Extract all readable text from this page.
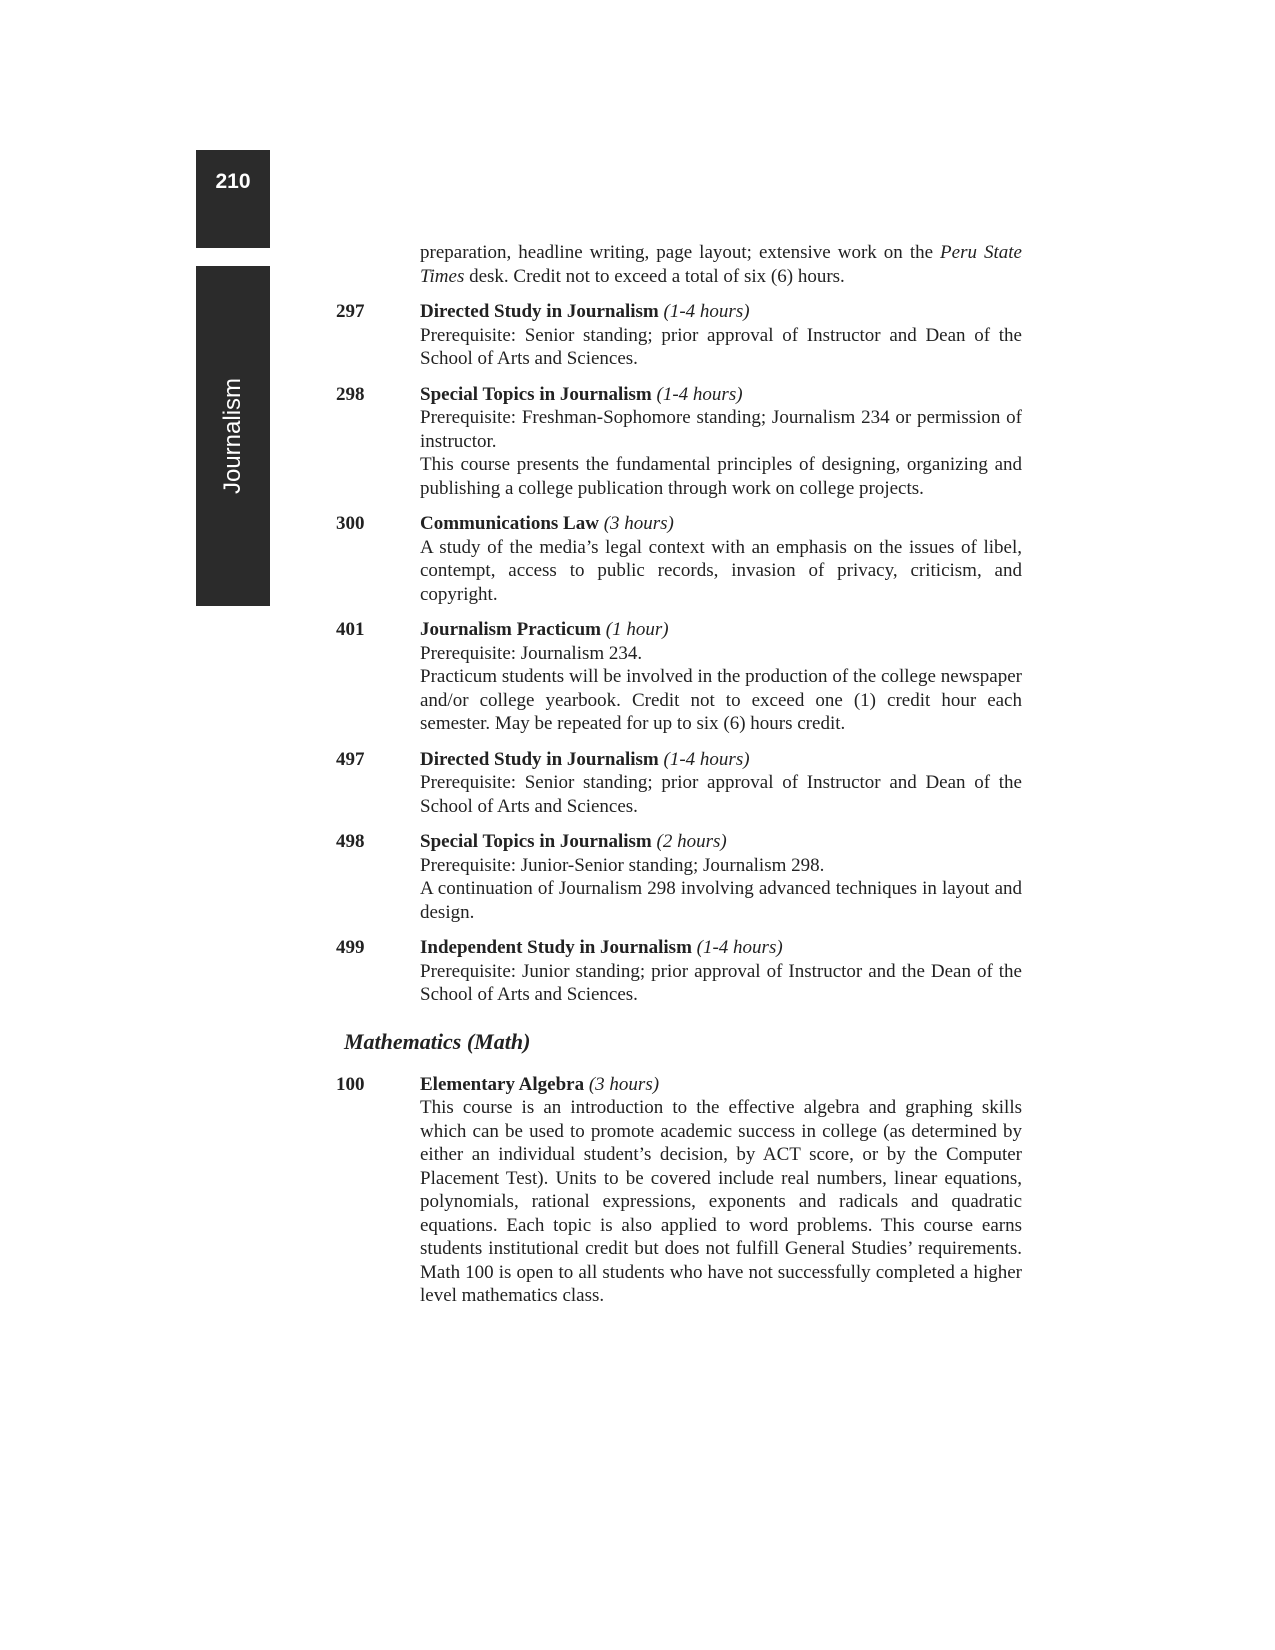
210
Journalism

preparation, headline writing, page layout; extensive work on the Peru State Times desk. Credit not to exceed a total of six (6) hours.

297	Directed Study in Journalism (1-4 hours)
Prerequisite: Senior standing; prior approval of Instructor and Dean of the School of Arts and Sciences.
298	Special Topics in Journalism (1-4 hours)
Prerequisite: Freshman-Sophomore standing; Journalism 234 or permission of instructor.
This course presents the fundamental principles of designing, organizing and publishing a college publication through work on college projects.
300	Communications Law (3 hours)
A study of the media’s legal context with an emphasis on the issues of libel, contempt, access to public records, invasion of privacy, criticism, and copyright.
401	Journalism Practicum (1 hour)
Prerequisite: Journalism 234.
Practicum students will be involved in the production of the college newspaper and/or college yearbook. Credit not to exceed one (1) credit hour each semester. May be repeated for up to six (6) hours credit.
497	Directed Study in Journalism (1-4 hours)
Prerequisite: Senior standing; prior approval of Instructor and Dean of the School of Arts and Sciences.
498	Special Topics in Journalism (2 hours)
Prerequisite: Junior-Senior standing; Journalism 298.
A continuation of Journalism 298 involving advanced techniques in layout and design.
499	Independent Study in Journalism (1-4 hours)
Prerequisite: Junior standing; prior approval of Instructor and the Dean of the School of Arts and Sciences.
Mathematics (Math)
100	Elementary Algebra (3 hours)
This course is an introduction to the effective algebra and graphing skills which can be used to promote academic success in college (as determined by either an individual student’s decision, by ACT score, or by the Computer Placement Test). Units to be covered include real numbers, linear equations, polynomials, rational expressions, exponents and radicals and quadratic equations. Each topic is also applied to word problems. This course earns students institutional credit but does not fulfill General Studies’ requirements. Math 100 is open to all students who have not successfully completed a higher level mathematics class.
